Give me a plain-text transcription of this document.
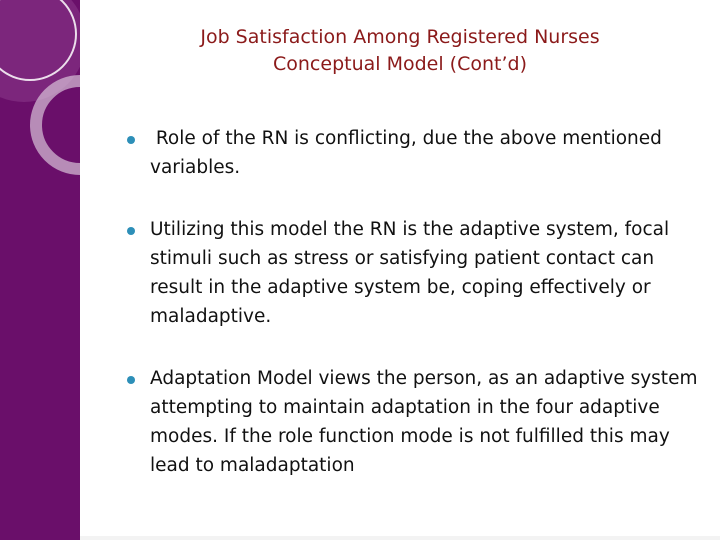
Job Satisfaction Among Registered Nurses
Conceptual Model (Cont’d)
Role of the RN is conflicting, due the above mentioned variables.
Utilizing this model the RN is the adaptive system, focal stimuli such as stress or satisfying patient contact can result in the adaptive system be, coping effectively or maladaptive.
Adaptation Model views the person, as an adaptive system attempting to maintain adaptation in the four adaptive modes. If the role function mode is not fulfilled this may lead to maladaptation
